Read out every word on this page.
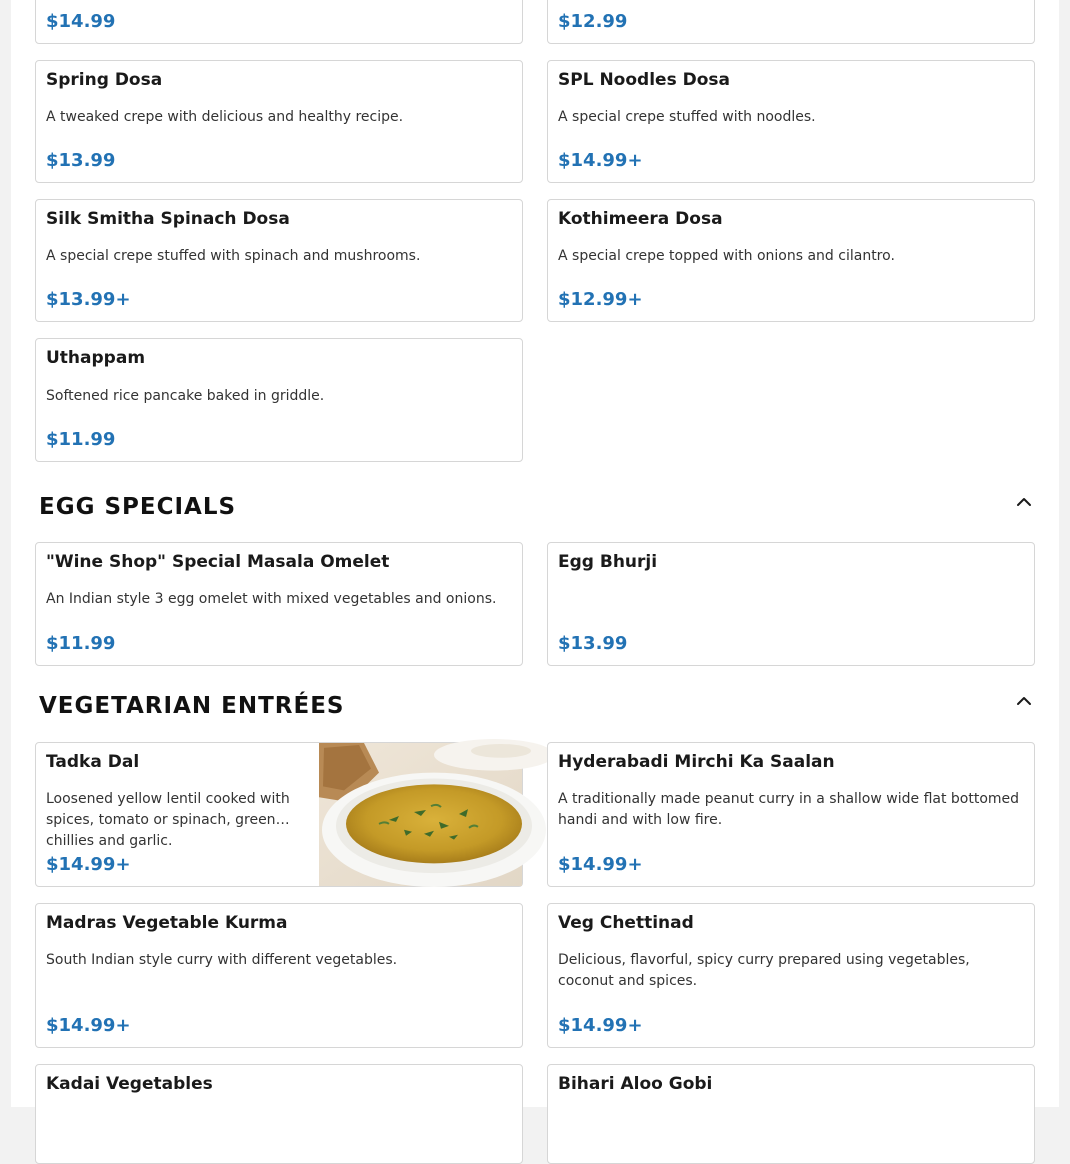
$14.99	$12.99
Spring Dosa
A tweaked crepe with delicious and healthy recipe.
$13.99
SPL Noodles Dosa
A special crepe stuffed with noodles.
$14.99+
Silk Smitha Spinach Dosa
A special crepe stuffed with spinach and mushrooms.
$13.99+
Kothimeera Dosa
A special crepe topped with onions and cilantro.
$12.99+
Uthappam
Softened rice pancake baked in griddle.
$11.99
EGG SPECIALS
"Wine Shop" Special Masala Omelet
An Indian style 3 egg omelet with mixed vegetables and onions.
$11.99
Egg Bhurji
$13.99
VEGETARIAN ENTRÉES
Tadka Dal
Loosened yellow lentil cooked with spices, tomato or spinach, green chillies and garlic.
$14.99+
Hyderabadi Mirchi Ka Saalan
A traditionally made peanut curry in a shallow wide flat bottomed handi and with low fire.
$14.99+
Madras Vegetable Kurma
South Indian style curry with different vegetables.
$14.99+
Veg Chettinad
Delicious, flavorful, spicy curry prepared using vegetables, coconut and spices.
$14.99+
Kadai Vegetables	Bihari Aloo Gobi
